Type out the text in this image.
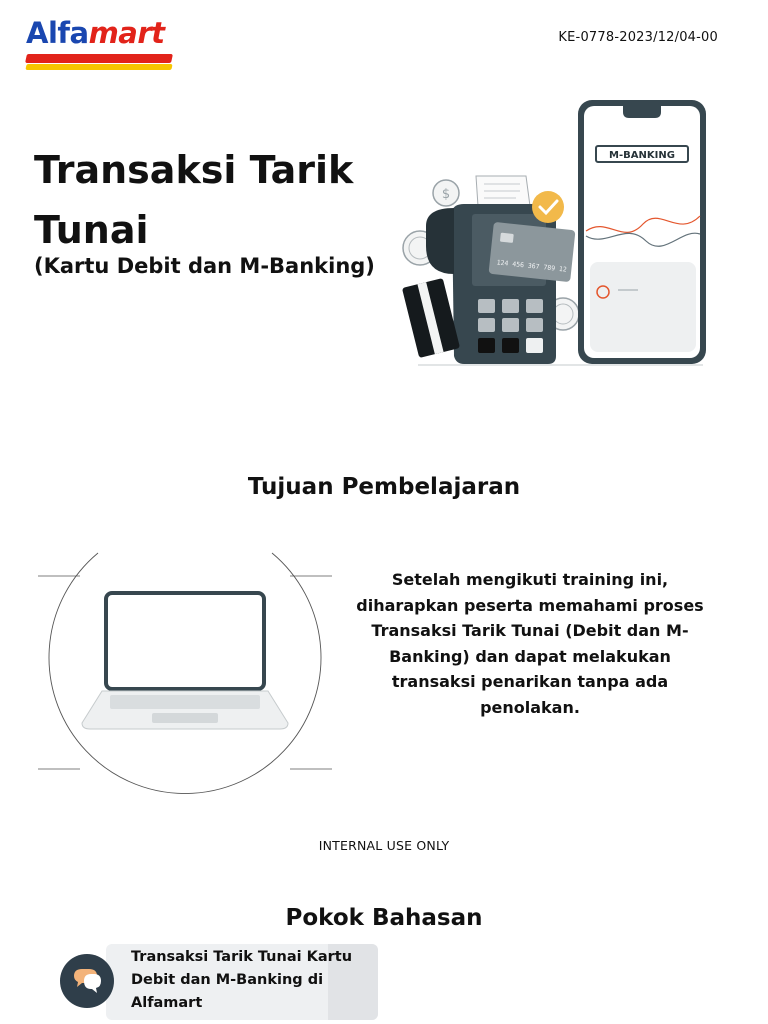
Alfamart	KE-0778-2023/12/04-00
Transaksi Tarik Tunai
(Kartu Debit dan M-Banking)
$
124 456 367 789 12
M-BANKING
Tujuan Pembelajaran
Setelah mengikuti training ini, diharapkan peserta memahami proses Transaksi Tarik Tunai (Debit dan M-Banking) dan dapat melakukan transaksi penarikan tanpa ada penolakan.
INTERNAL USE ONLY
Pokok Bahasan
Transaksi Tarik Tunai Kartu Debit dan M-Banking di Alfamart
